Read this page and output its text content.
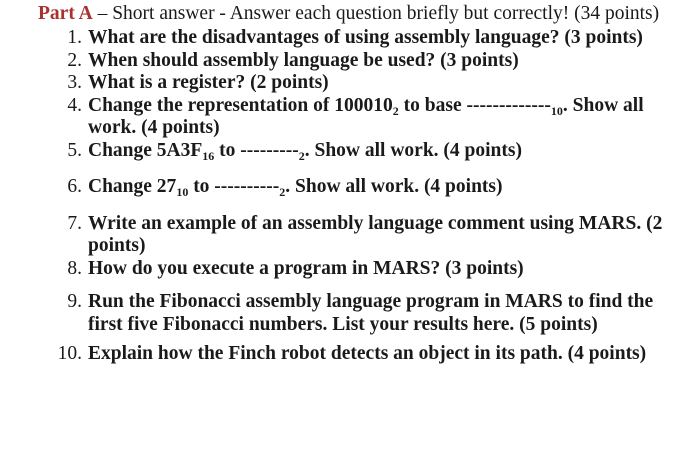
Part A – Short answer - Answer each question briefly but correctly! (34 points)
1. What are the disadvantages of using assembly language? (3 points)
2. When should assembly language be used? (3 points)
3. What is a register? (2 points)
4. Change the representation of $100010_2$ to base $-------------_{10}$. Show all work. (4 points)
5. Change $5A3F_{16}$ to $---------_2$. Show all work. (4 points)
6. Change $27_{10}$ to $----------_2$. Show all work. (4 points)
7. Write an example of an assembly language comment using MARS. (2 points)
8. How do you execute a program in MARS? (3 points)
9. Run the Fibonacci assembly language program in MARS to find the first five Fibonacci numbers. List your results here. (5 points)
10. Explain how the Finch robot detects an object in its path. (4 points)
